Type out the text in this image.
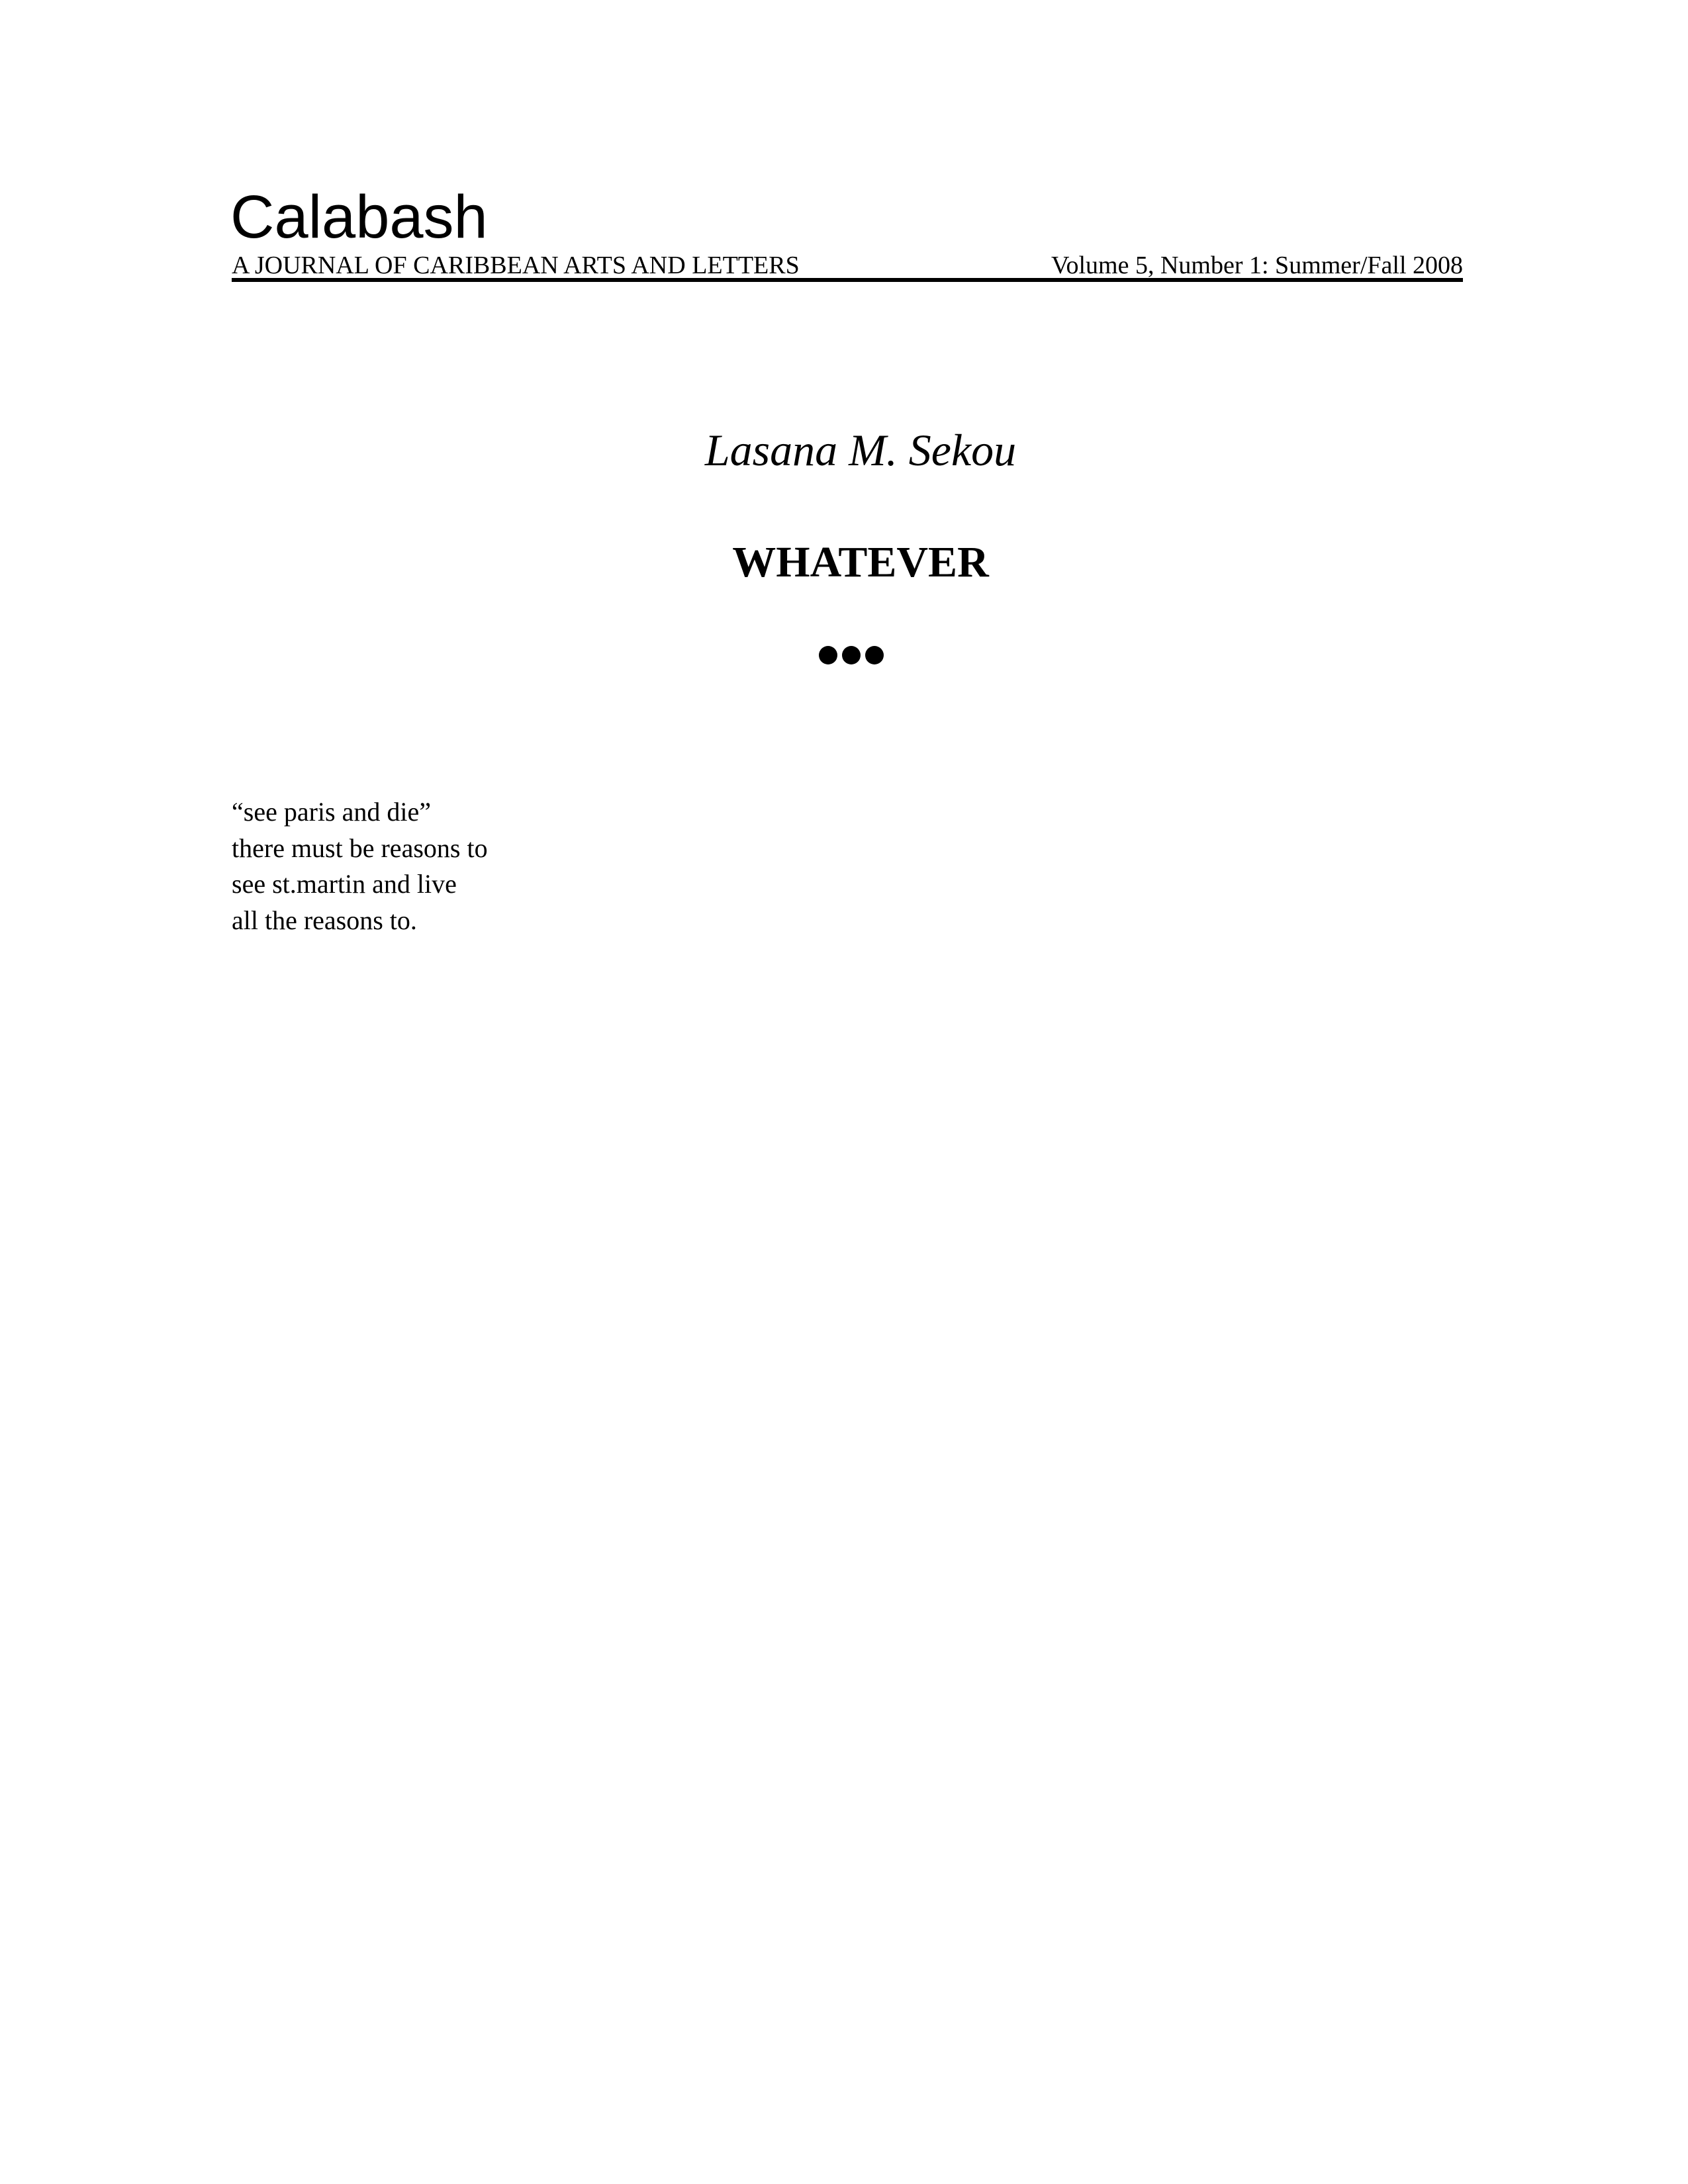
Calabash
A JOURNAL OF CARIBBEAN ARTS AND LETTERS	Volume 5, Number 1: Summer/Fall 2008
Lasana M. Sekou
WHATEVER
“see paris and die”
there must be reasons to
see st.martin and live
all the reasons to.
